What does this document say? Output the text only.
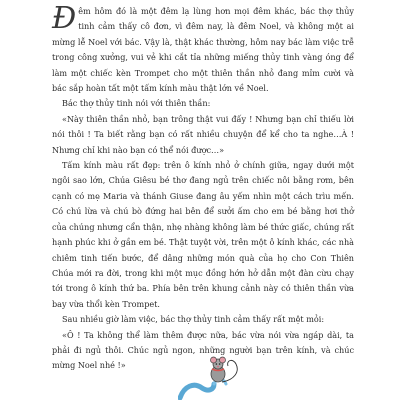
Đêm hôm đó là một đêm lạ lùng hơn mọi đêm khác, bác thợ thủy tinh cảm thấy cô đơn, vì đêm nay, là đêm Noel, và không một ai mừng lễ Noel với bác. Vậy là, thật khác thường, hôm nay bác làm việc trễ trong công xưởng, vui vẻ khi cắt tỉa những miếng thủy tinh vàng óng để làm một chiếc kèn Trompet cho một thiên thần nhỏ đang mỉm cười và bác sắp hoàn tất một tấm kính màu thật lớn về Noel.

Bác thợ thủy tinh nói với thiên thần:

«Này thiên thần nhỏ, bạn trông thật vui đấy ! Nhưng bạn chỉ thiếu lời nói thôi ! Ta biết rằng bạn có rất nhiều chuyện để kể cho ta nghe…À ! Nhưng chỉ khi nào bạn có thể nói được…»

Tấm kính màu rất đẹp: trên ô kính nhỏ ở chính giữa, ngay dưới một ngôi sao lớn, Chúa Giêsu bé thơ đang ngủ trên chiếc nôi bằng rơm, bên cạnh có mẹ Maria và thánh Giuse đang âu yếm nhìn một cách trìu mến. Có chú lừa và chú bò đứng hai bên để sưởi ấm cho em bé bằng hơi thở của chúng nhưng cẩn thận, nhẹ nhàng không làm bé thức giấc, chúng rất hạnh phúc khi ở gần em bé. Thật tuyệt vời, trên một ô kính khác, các nhà chiêm tinh tiến bước, để dâng những món quà của họ cho Con Thiên Chúa mới ra đời, trong khi một mục đồng hớn hở dẫn một đàn cừu chạy tới trong ô kính thứ ba. Phía bên trên khung cảnh này có thiên thần vừa bay vừa thổi kèn Trompet.

Sau nhiều giờ làm việc, bác thợ thủy tinh cảm thấy rất mệt mỏi:

«Ô ! Ta không thể làm thêm được nữa, bác vừa nói vừa ngáp dài, ta phải đi ngủ thôi. Chúc ngủ ngon, những người bạn trên kính, và chúc mừng Noel nhé !»
